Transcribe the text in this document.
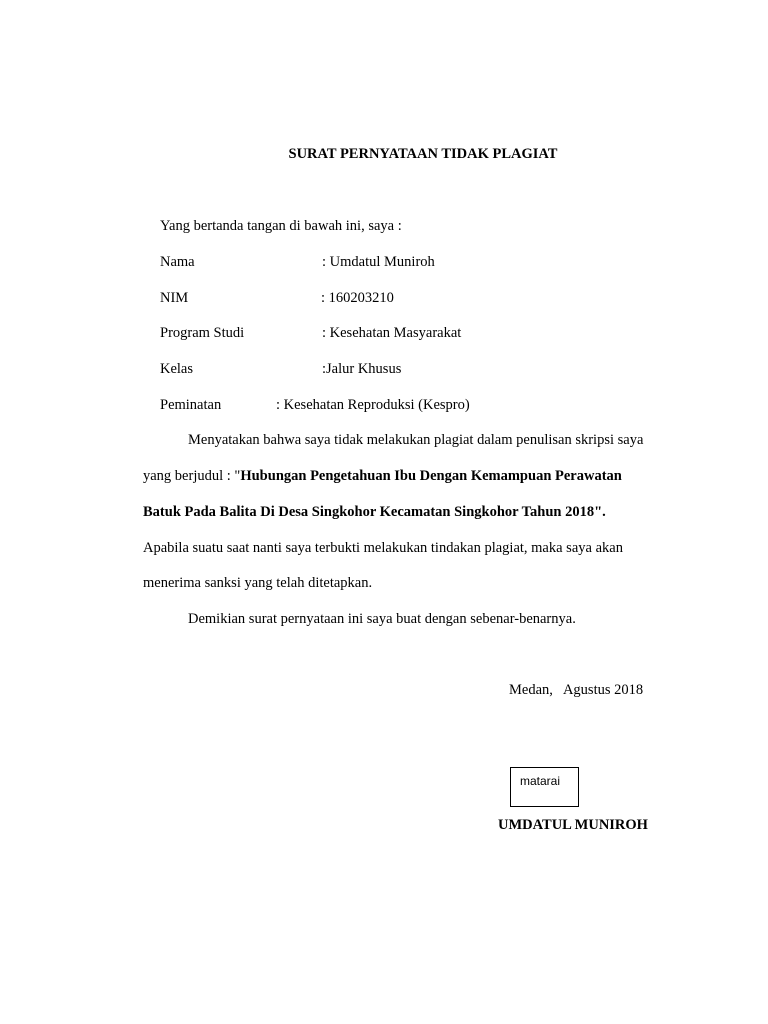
SURAT PERNYATAAN TIDAK PLAGIAT
Yang bertanda tangan di bawah ini, saya :
Nama	: Umdatul Muniroh
NIM	: 160203210
Program Studi	: Kesehatan Masyarakat
Kelas	:Jalur Khusus
Peminatan	: Kesehatan Reproduksi (Kespro)
Menyatakan bahwa saya tidak melakukan plagiat dalam penulisan skripsi saya
yang berjudul : "Hubungan Pengetahuan Ibu Dengan Kemampuan Perawatan
Batuk Pada Balita Di Desa Singkohor Kecamatan Singkohor Tahun 2018".
Apabila suatu saat nanti saya terbukti melakukan tindakan plagiat, maka saya akan
menerima sanksi yang telah ditetapkan.
Demikian surat pernyataan ini saya buat dengan sebenar-benarnya.
Medan,   Agustus 2018
matarai
UMDATUL MUNIROH
